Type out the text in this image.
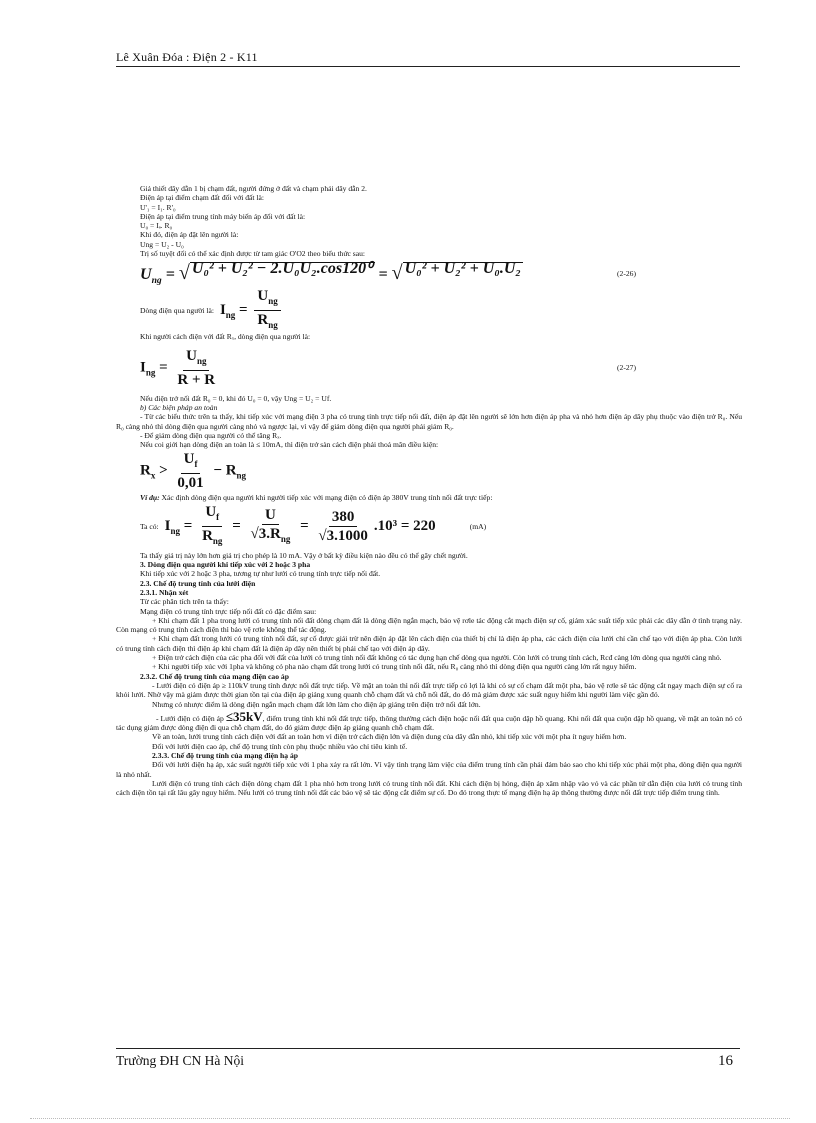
Lê Xuân Đóa : Điện 2 - K11

Giả thiết dây dẫn 1 bị chạm đất, người đứng ở đất và chạm phải dây dẫn 2.

Điện áp tại điểm chạm đất đối với đất là:

U'₁ = I₁. R'₀

Điện áp tại điểm trung tính máy biến áp đối với đất là:

U₀ = Iₔ. R₀

Khi đó, điện áp đặt lên người là:

Ung = U₂ - U₀

Trị số tuyệt đối có thể xác định được từ tam giác O'O2 theo biểu thức sau:

$U_{ng}$ = √ U₀² + U₂² − 2.U₀U₂.cos120⁰ = √ U₀² + U₂² + U₀.U₂	(2-26)
Dòng điện qua người là: $I_{ng} = \frac{U_{ng}}{R_{ng}}$

Khi người cách điện với đất Rₓ, dòng điện qua người là:

$I_{ng} = \frac{U_{ng}}{R + R}$	(2-27)

Nếu điện trở nối đất R₀ = 0, khi đó U₀ = 0, vậy Ung = U₂ = Uf.

b) Các biện pháp an toàn

- Từ các biểu thức trên ta thấy, khi tiếp xúc với mạng điện 3 pha có trung tính trực tiếp nối đất, điện áp đặt lên người sẽ lớn hơn điện áp pha và nhỏ hơn điện áp dây phụ thuộc vào điện trở R₀. Nếu R₀ càng nhỏ thì dòng điện qua người càng nhỏ và ngược lại, vì vậy để giảm dòng điện qua người phải giảm R₀.

- Để giảm dòng điện qua người có thể tăng Rₓ.

Nếu coi giới hạn dòng điện an toàn là ≤ 10mA, thì điện trở sàn cách điện phải thoả mãn điều kiện:

$R_x > \frac{U_f}{0,01} - R_{ng}$

Ví dụ: Xác định dòng điện qua người khi người tiếp xúc với mạng điện có điện áp 380V trung tính nối đất trực tiếp:

Ta có: $I_{ng} = \frac{U_f}{R_{ng}} = \frac{U}{√3.R_{ng}} = \frac{380}{√3.1000} .10^3 = 220$	(mA)

Ta thấy giá trị này lớn hơn giá trị cho phép là 10 mA. Vậy ở bất kỳ điều kiện nào đều có thể gây chết người.

3. Dòng điện qua người khi tiếp xúc với 2 hoặc 3 pha

Khi tiếp xúc với 2 hoặc 3 pha, tương tự như lưới có trung tính trực tiếp nối đất.

2.3. Chế độ trung tính của lưới điện

2.3.1. Nhận xét

Từ các phân tích trên ta thấy:

Mạng điện có trung tính trực tiếp nối đất có đặc điểm sau:

+ Khi chạm đất 1 pha trong lưới có trung tính nối đất dòng chạm đất là dòng điện ngắn mạch, bảo vệ rơle tác động cắt mạch điện sự cố, giảm xác suất tiếp xúc phải các dây dẫn ở tình trạng này. Còn mạng có trung tính cách điện thì bảo vệ rơle không thể tác động.

+ Khi chạm đất trong lưới có trung tính nối đất, sự cố được giải trừ nên điện áp đặt lên cách điện của thiết bị chỉ là điện áp pha, các cách điện của lưới chỉ cần chế tạo với điện áp pha. Còn lưới có trung tính cách điện thì điện áp khi chạm đất là điện áp dây nên thiết bị phải chế tạo với điện áp dây.

+ Điện trở cách điện của các pha đối với đất của lưới có trung tính nối đất không có tác dụng hạn chế dòng qua người. Còn lưới có trung tính cách, Rcđ càng lớn dòng qua người càng nhỏ.

+ Khi người tiếp xúc với 1pha và không có pha nào chạm đất trong lưới có trung tính nối đất, nếu R₀ càng nhỏ thì dòng điện qua người càng lớn rất nguy hiểm.

2.3.2. Chế độ trung tính của mạng điện cao áp

- Lưới điện có điện áp ≥ 110kV trung tính được nối đất trực tiếp. Về mặt an toàn thì nối đất trực tiếp có lợi là khi có sự cố chạm đất một pha, bảo vệ rơle sẽ tác động cắt ngay mạch điện sự cố ra khỏi lưới. Nhờ vậy mà giảm được thời gian tồn tại của điện áp giáng xung quanh chỗ chạm đất và chỗ nối đất, do đó mà giảm được xác suất nguy hiểm khi người làm việc gần đó.

Nhưng có nhược điểm là dòng điện ngắn mạch chạm đất lớn làm cho điện áp giáng trên điện trở nối đất lớn.

- Lưới điện có điện áp ≤35kV, điểm trung tính khi nối đất trực tiếp, thông thường cách điện hoặc nối đất qua cuộn dập hồ quang. Khi nối đất qua cuộn dập hồ quang, về mặt an toàn nó có tác dụng giảm được dòng điện đi qua chỗ chạm đất, do đó giảm được điện áp giáng quanh chỗ chạm đất.

Về an toàn, lưới trung tính cách điện với đất an toàn hơn vì điện trở cách điện lớn và điện dung của dây dẫn nhỏ, khi tiếp xúc với một pha ít nguy hiểm hơn.

Đối với lưới điện cao áp, chế độ trung tính còn phụ thuộc nhiều vào chỉ tiêu kinh tế.

2.3.3. Chế độ trung tính của mạng điện hạ áp

Đối với lưới điện hạ áp, xác suất người tiếp xúc với 1 pha xảy ra rất lớn. Vì vậy tình trạng làm việc của điểm trung tính cần phải đảm bảo sao cho khi tiếp xúc phải một pha, dòng điện qua người là nhỏ nhất.

Lưới điện có trung tính cách điện dòng chạm đất 1 pha nhỏ hơn trong lưới có trung tính nối đất. Khi cách điện bị hỏng, điện áp xâm nhập vào vỏ và các phần tử dẫn điện của lưới có trung tính cách điện tồn tại rất lâu gây nguy hiểm. Nếu lưới có trung tính nối đất các bảo vệ sẽ tác động cắt điểm sự cố. Do đó trong thực tế mạng điện hạ áp thông thường được nối đất trực tiếp điểm trung tính.

Trường ĐH CN Hà Nội	16
